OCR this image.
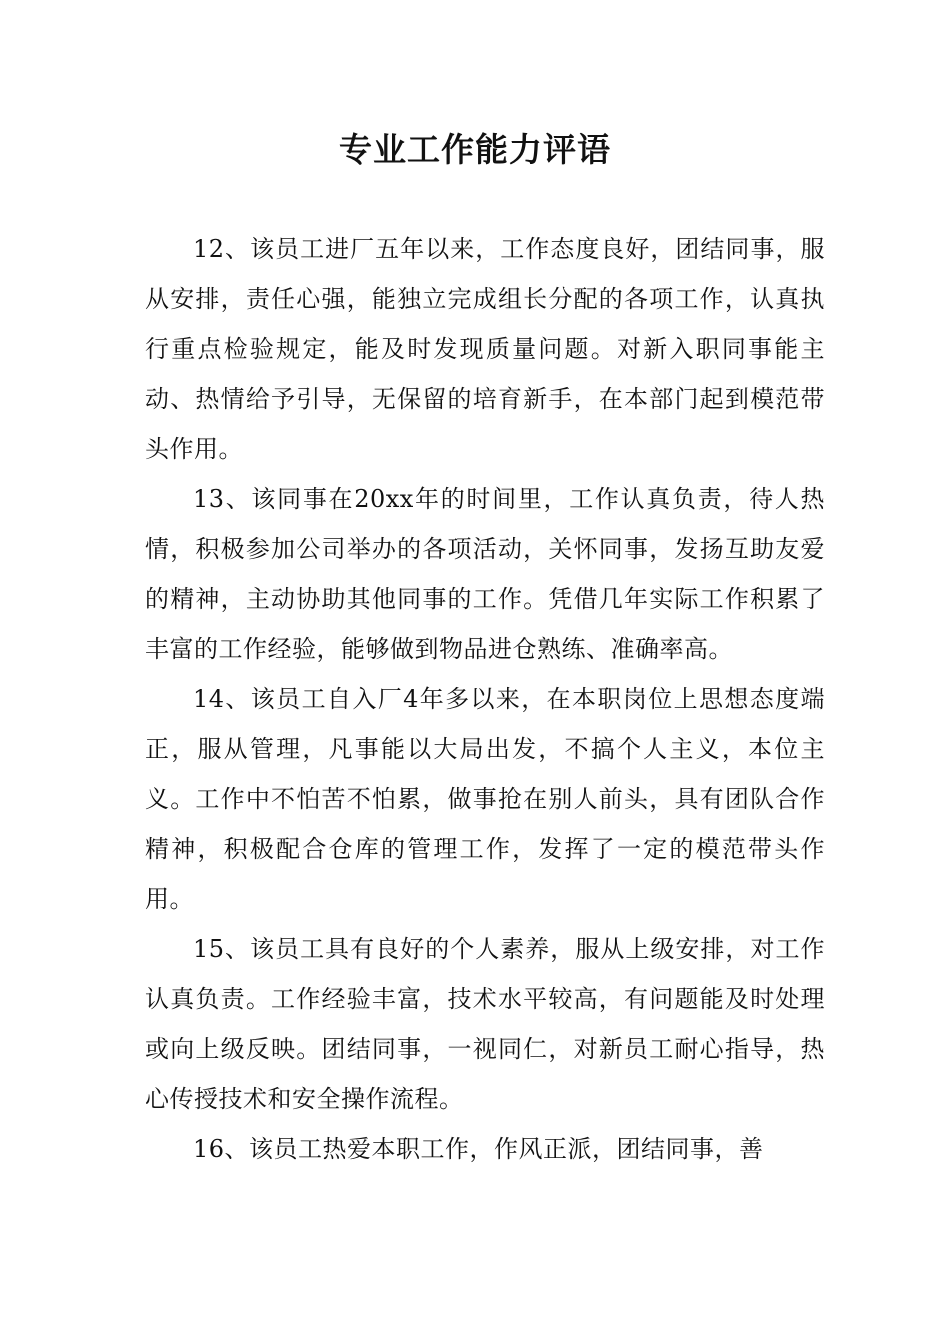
专业工作能力评语

12、该员工进厂五年以来，工作态度良好，团结同事，服从安排，责任心强，能独立完成组长分配的各项工作，认真执行重点检验规定，能及时发现质量问题。对新入职同事能主动、热情给予引导，无保留的培育新手，在本部门起到模范带头作用。

13、该同事在20xx年的时间里，工作认真负责，待人热情，积极参加公司举办的各项活动，关怀同事，发扬互助友爱的精神，主动协助其他同事的工作。凭借几年实际工作积累了丰富的工作经验，能够做到物品进仓熟练、准确率高。

14、该员工自入厂4年多以来，在本职岗位上思想态度端正，服从管理，凡事能以大局出发，不搞个人主义，本位主义。工作中不怕苦不怕累，做事抢在别人前头，具有团队合作精神，积极配合仓库的管理工作，发挥了一定的模范带头作用。

15、该员工具有良好的个人素养，服从上级安排，对工作认真负责。工作经验丰富，技术水平较高，有问题能及时处理或向上级反映。团结同事，一视同仁，对新员工耐心指导，热心传授技术和安全操作流程。

16、该员工热爱本职工作，作风正派，团结同事，善
